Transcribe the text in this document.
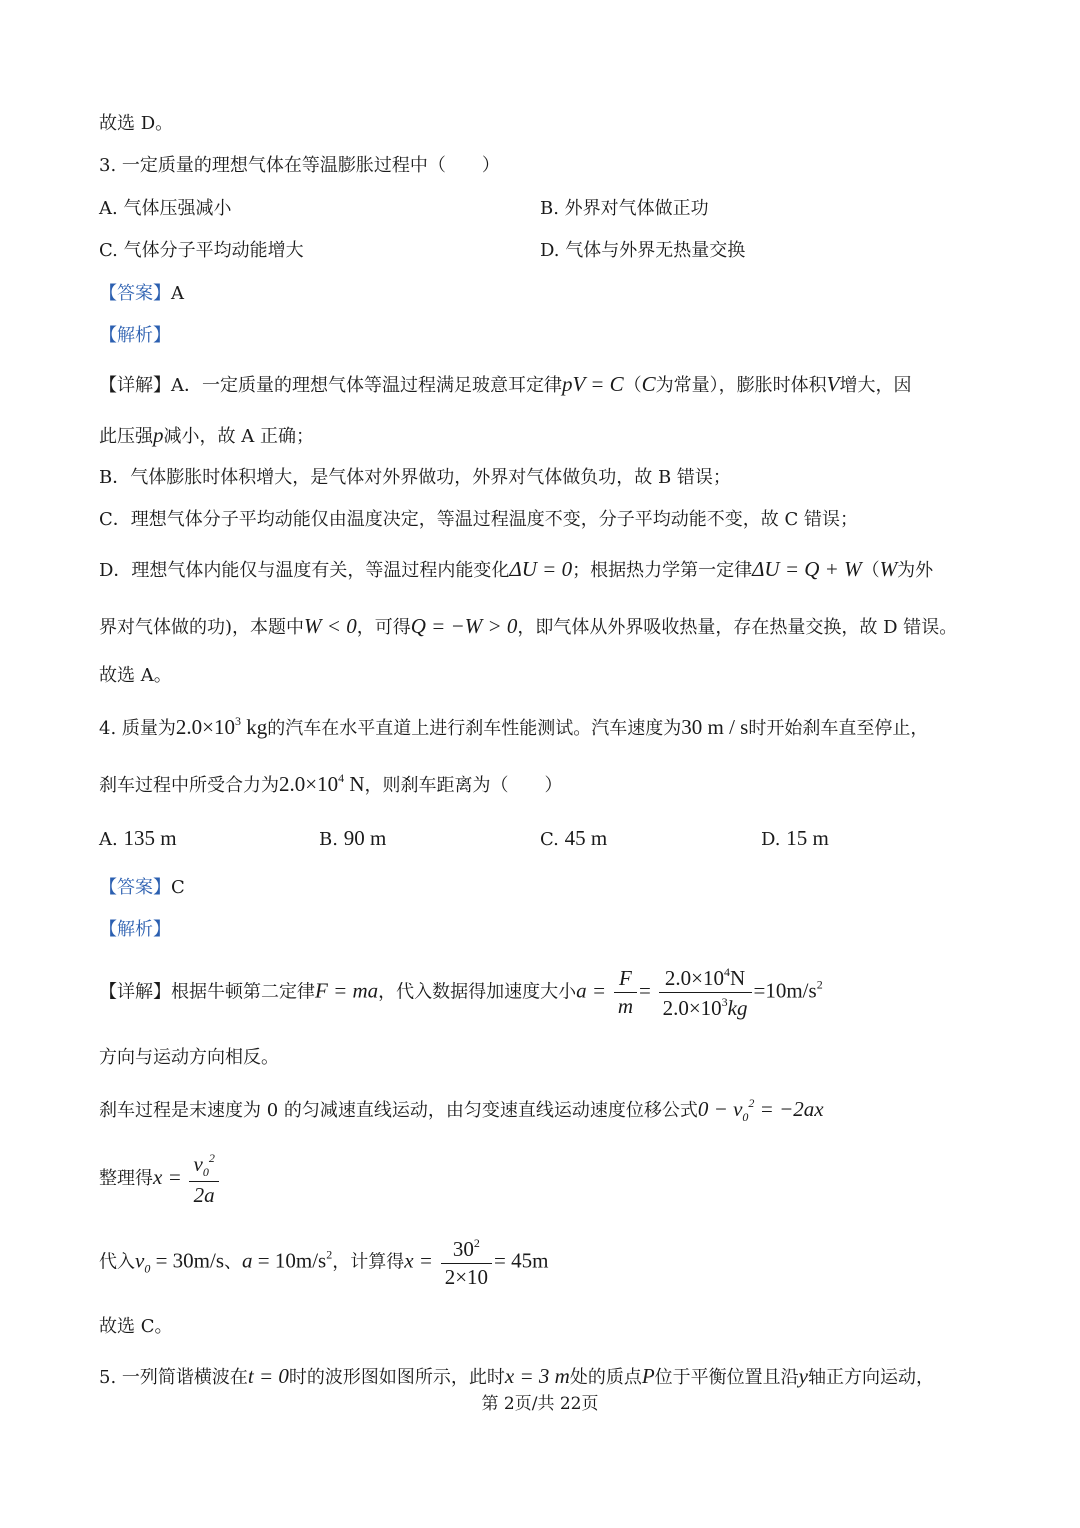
故选 D。
3. 一定质量的理想气体在等温膨胀过程中（　　）
A. 气体压强减小	B. 外界对气体做正功
C. 气体分子平均动能增大	D. 气体与外界无热量交换
【答案】A
【解析】
【详解】A．一定质量的理想气体等温过程满足玻意耳定律pV = C（C为常量），膨胀时体积V增大，因
此压强p减小，故 A 正确；
B．气体膨胀时体积增大，是气体对外界做功，外界对气体做负功，故 B 错误；
C．理想气体分子平均动能仅由温度决定，等温过程温度不变，分子平均动能不变，故 C 错误；
D．理想气体内能仅与温度有关，等温过程内能变化ΔU = 0；根据热力学第一定律ΔU = Q + W（W为外
界对气体做的功)，本题中W < 0，可得Q = −W > 0，即气体从外界吸收热量，存在热量交换，故 D 错误。
故选 A。
4. 质量为$2.0\times 10^3$ kg的汽车在水平直道上进行刹车性能测试。汽车速度为30 m / s时开始刹车直至停止，
刹车过程中所受合力为$2.0\times 10^4$ N，则刹车距离为（　　）
A. 135 m	B. 90 m	C. 45 m	D. 15 m
【答案】C
【解析】
【详解】根据牛顿第二定律F = ma，代入数据得加速度大小$a = \frac{F}{m} = \frac{2.0\times 10^4N}{2.0\times 10^3kg} =10m/s^2$
方向与运动方向相反。
刹车过程是末速度为 0 的匀减速直线运动，由匀变速直线运动速度位移公式$0 - v_0^2 = -2ax$
整理得$x = \frac{v_0^2}{2a}$
代入$v_0 = 30m/s$、$a = 10m/s^2$，计算得$x = \frac{30^2}{2\times 10} = 45m$
故选 C。
5. 一列简谐横波在t = 0时的波形图如图所示，此时x = 3 m处的质点P位于平衡位置且沿y轴正方向运动，
第 2页/共 22页
